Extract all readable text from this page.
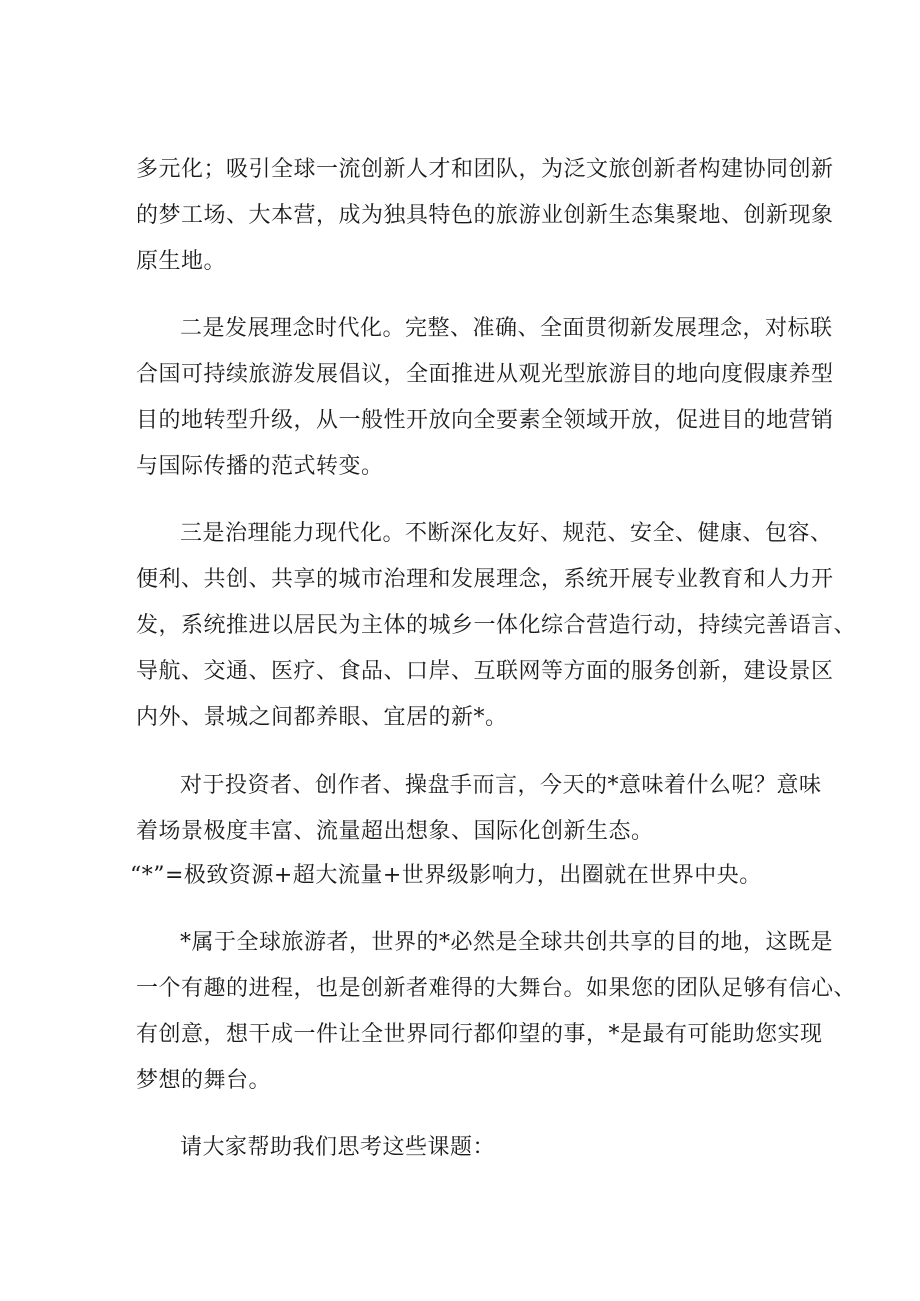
多元化；吸引全球一流创新人才和团队，为泛文旅创新者构建协同创新
的梦工场、大本营，成为独具特色的旅游业创新生态集聚地、创新现象
原生地。
二是发展理念时代化。完整、准确、全面贯彻新发展理念，对标联
合国可持续旅游发展倡议，全面推进从观光型旅游目的地向度假康养型
目的地转型升级，从一般性开放向全要素全领域开放，促进目的地营销
与国际传播的范式转变。
三是治理能力现代化。不断深化友好、规范、安全、健康、包容、
便利、共创、共享的城市治理和发展理念，系统开展专业教育和人力开
发，系统推进以居民为主体的城乡一体化综合营造行动，持续完善语言、
导航、交通、医疗、食品、口岸、互联网等方面的服务创新，建设景区
内外、景城之间都养眼、宜居的新*。
对于投资者、创作者、操盘手而言，今天的*意味着什么呢？意味
着场景极度丰富、流量超出想象、国际化创新生态。
“*”=极致资源+超大流量+世界级影响力，出圈就在世界中央。
*属于全球旅游者，世界的*必然是全球共创共享的目的地，这既是
一个有趣的进程，也是创新者难得的大舞台。如果您的团队足够有信心、
有创意，想干成一件让全世界同行都仰望的事，*是最有可能助您实现
梦想的舞台。
请大家帮助我们思考这些课题：
